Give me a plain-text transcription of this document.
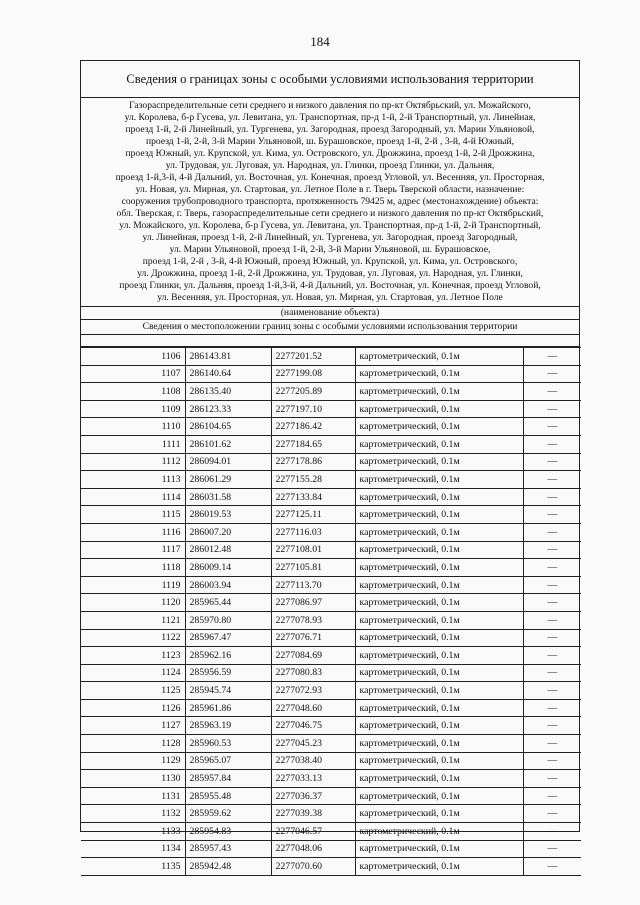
184
Сведения о границах зоны с особыми условиями использования территории
Газораспределительные сети среднего и низкого давления по пр-кт Октябрьский, ул. Можайского,
ул. Королева, б-р Гусева, ул. Левитана, ул. Транспортная, пр-д 1-й, 2-й Транспортный, ул. Линейная,
проезд 1-й, 2-й Линейный, ул. Тургенева, ул. Загородная, проезд Загородный, ул. Марии Ульяновой,
проезд 1-й, 2-й, 3-й Марии Ульяновой, ш. Бурашовское, проезд 1-й, 2-й , 3-й, 4-й Южный,
проезд Южный, ул. Крупской, ул. Кима, ул. Островского, ул. Дрожжина, проезд 1-й, 2-й Дрожжина,
ул. Трудовая, ул. Луговая, ул. Народная, ул. Глинки, проезд Глинки, ул. Дальняя,
проезд 1-й,3-й, 4-й Дальний, ул. Восточная, ул. Конечная, проезд Угловой, ул. Весенняя, ул. Просторная,
ул. Новая, ул. Мирная, ул. Стартовая, ул. Летное Поле в г. Тверь Тверской области, назначение:
сооружения трубопроводного транспорта, протяженность 79425 м, адрес (местонахождение) объекта:
обл. Тверская, г. Тверь, газораспределительные сети среднего и низкого давления по пр-кт Октябрьский,
ул. Можайского, ул. Королева, б-р Гусева, ул. Левитана, ул. Транспортная, пр-д 1-й, 2-й Транспортный,
ул. Линейная, проезд 1-й, 2-й Линейный, ул. Тургенева, ул. Загородная, проезд Загородный,
ул. Марии Ульяновой, проезд 1-й, 2-й, 3-й Марии Ульяновой, ш. Бурашовское,
проезд 1-й, 2-й , 3-й, 4-й Южный, проезд Южный, ул. Крупской, ул. Кима, ул. Островского,
ул. Дрожжина, проезд 1-й, 2-й Дрожжина, ул. Трудовая, ул. Луговая, ул. Народная, ул. Глинки,
проезд Глинки, ул. Дальняя, проезд 1-й,3-й, 4-й Дальний, ул. Восточная, ул. Конечная, проезд Угловой,
ул. Весенняя, ул. Просторная, ул. Новая, ул. Мирная, ул. Стартовая, ул. Летное Поле
(наименование объекта)
Сведения о местоположении границ зоны с особыми условиями использования территории
1106	286143.81	2277201.52	картометрический, 0.1м	—
1107	286140.64	2277199.08	картометрический, 0.1м	—
1108	286135.40	2277205.89	картометрический, 0.1м	—
1109	286123.33	2277197.10	картометрический, 0.1м	—
1110	286104.65	2277186.42	картометрический, 0.1м	—
1111	286101.62	2277184.65	картометрический, 0.1м	—
1112	286094.01	2277178.86	картометрический, 0.1м	—
1113	286061.29	2277155.28	картометрический, 0.1м	—
1114	286031.58	2277133.84	картометрический, 0.1м	—
1115	286019.53	2277125.11	картометрический, 0.1м	—
1116	286007.20	2277116.03	картометрический, 0.1м	—
1117	286012.48	2277108.01	картометрический, 0.1м	—
1118	286009.14	2277105.81	картометрический, 0.1м	—
1119	286003.94	2277113.70	картометрический, 0.1м	—
1120	285965.44	2277086.97	картометрический, 0.1м	—
1121	285970.80	2277078.93	картометрический, 0.1м	—
1122	285967.47	2277076.71	картометрический, 0.1м	—
1123	285962.16	2277084.69	картометрический, 0.1м	—
1124	285956.59	2277080.83	картометрический, 0.1м	—
1125	285945.74	2277072.93	картометрический, 0.1м	—
1126	285961.86	2277048.60	картометрический, 0.1м	—
1127	285963.19	2277046.75	картометрический, 0.1м	—
1128	285960.53	2277045.23	картометрический, 0.1м	—
1129	285965.07	2277038.40	картометрический, 0.1м	—
1130	285957.84	2277033.13	картометрический, 0.1м	—
1131	285955.48	2277036.37	картометрический, 0.1м	—
1132	285959.62	2277039.38	картометрический, 0.1м	—
1133	285954.83	2277046.57	картометрический, 0.1м	—
1134	285957.43	2277048.06	картометрический, 0.1м	—
1135	285942.48	2277070.60	картометрический, 0.1м	—
